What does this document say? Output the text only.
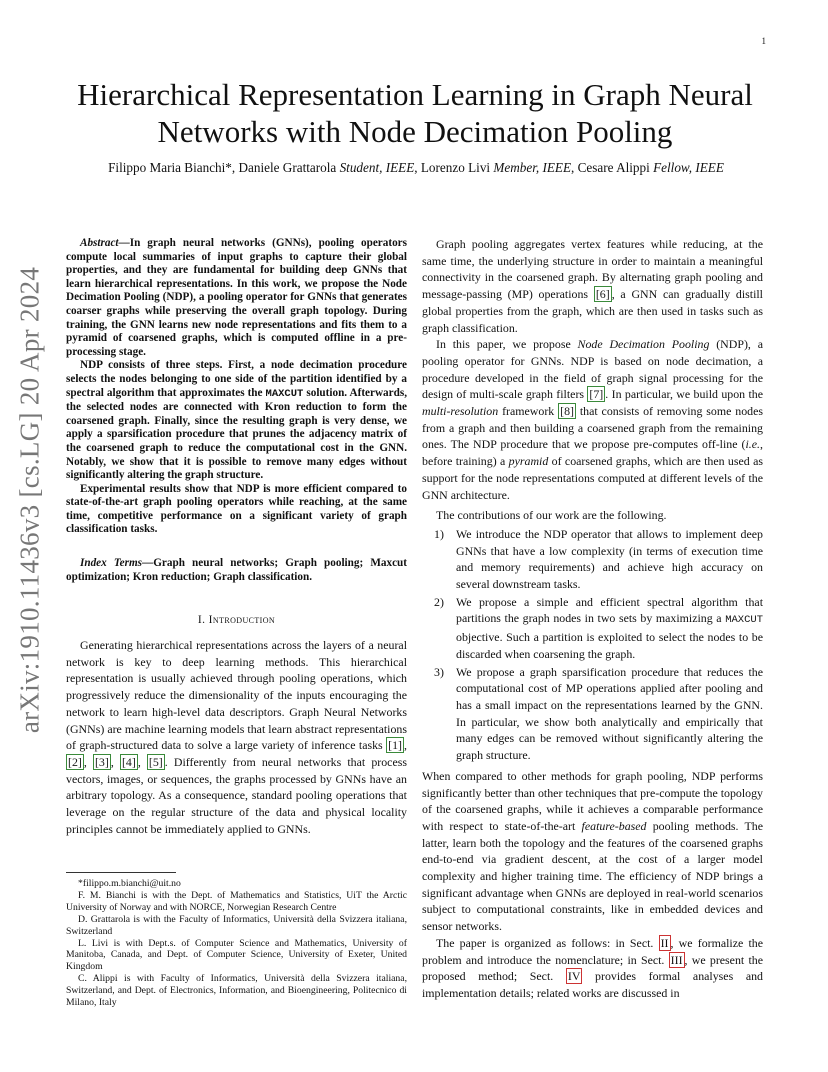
1
arXiv:1910.11436v3 [cs.LG] 20 Apr 2024
Hierarchical Representation Learning in Graph Neural Networks with Node Decimation Pooling
Filippo Maria Bianchi*, Daniele Grattarola Student, IEEE, Lorenzo Livi Member, IEEE, Cesare Alippi Fellow, IEEE

Abstract—In graph neural networks (GNNs), pooling operators compute local summaries of input graphs to capture their global properties, and they are fundamental for building deep GNNs that learn hierarchical representations. In this work, we propose the Node Decimation Pooling (NDP), a pooling operator for GNNs that generates coarser graphs while preserving the overall graph topology. During training, the GNN learns new node representations and fits them to a pyramid of coarsened graphs, which is computed offline in a pre-processing stage.

NDP consists of three steps. First, a node decimation procedure selects the nodes belonging to one side of the partition identified by a spectral algorithm that approximates the MAXCUT solution. Afterwards, the selected nodes are connected with Kron reduction to form the coarsened graph. Finally, since the resulting graph is very dense, we apply a sparsification procedure that prunes the adjacency matrix of the coarsened graph to reduce the computational cost in the GNN. Notably, we show that it is possible to remove many edges without significantly altering the graph structure.

Experimental results show that NDP is more efficient compared to state-of-the-art graph pooling operators while reaching, at the same time, competitive performance on a significant variety of graph classification tasks.

Index Terms—Graph neural networks; Graph pooling; Maxcut optimization; Kron reduction; Graph classification.
I. Introduction

Generating hierarchical representations across the layers of a neural network is key to deep learning methods. This hierarchical representation is usually achieved through pooling operations, which progressively reduce the dimensionality of the inputs encouraging the network to learn high-level data descriptors. Graph Neural Networks (GNNs) are machine learning models that learn abstract representations of graph-structured data to solve a large variety of inference tasks [1] , [2] , [3] , [4] , [5] . Differently from neural networks that process vectors, images, or sequences, the graphs processed by GNNs have an arbitrary topology. As a consequence, standard pooling operations that leverage on the regular structure of the data and physical locality principles cannot be immediately applied to GNNs.

*filippo.m.bianchi@uit.no

F. M. Bianchi is with the Dept. of Mathematics and Statistics, UiT the Arctic University of Norway and with NORCE, Norwegian Research Centre

D. Grattarola is with the Faculty of Informatics, Università della Svizzera italiana, Switzerland

L. Livi is with Dept.s. of Computer Science and Mathematics, University of Manitoba, Canada, and Dept. of Computer Science, University of Exeter, United Kingdom

C. Alippi is with Faculty of Informatics, Università della Svizzera italiana, Switzerland, and Dept. of Electronics, Information, and Bioengineering, Politecnico di Milano, Italy

Graph pooling aggregates vertex features while reducing, at the same time, the underlying structure in order to maintain a meaningful connectivity in the coarsened graph. By alternating graph pooling and message-passing (MP) operations [6] , a GNN can gradually distill global properties from the graph, which are then used in tasks such as graph classification.

In this paper, we propose Node Decimation Pooling (NDP), a pooling operator for GNNs. NDP is based on node decimation, a procedure developed in the field of graph signal processing for the design of multi-scale graph filters [7] . In particular, we build upon the multi-resolution framework [8] that consists of removing some nodes from a graph and then building a coarsened graph from the remaining ones. The NDP procedure that we propose pre-computes off-line (i.e., before training) a pyramid of coarsened graphs, which are then used as support for the node representations computed at different levels of the GNN architecture.

The contributions of our work are the following.

1) We introduce the NDP operator that allows to implement deep GNNs that have a low complexity (in terms of execution time and memory requirements) and achieve high accuracy on several downstream tasks.
2) We propose a simple and efficient spectral algorithm that partitions the graph nodes in two sets by maximizing a MAXCUT objective. Such a partition is exploited to select the nodes to be discarded when coarsening the graph.
3) We propose a graph sparsification procedure that reduces the computational cost of MP operations applied after pooling and has a small impact on the representations learned by the GNN. In particular, we show both analytically and empirically that many edges can be removed without significantly altering the graph structure.

When compared to other methods for graph pooling, NDP performs significantly better than other techniques that pre-compute the topology of the coarsened graphs, while it achieves a comparable performance with respect to state-of-the-art feature-based pooling methods. The latter, learn both the topology and the features of the coarsened graphs end-to-end via gradient descent, at the cost of a larger model complexity and higher training time. The efficiency of NDP brings a significant advantage when GNNs are deployed in real-world scenarios subject to computational constraints, like in embedded devices and sensor networks.

The paper is organized as follows: in Sect. II , we formalize the problem and introduce the nomenclature; in Sect. III , we present the proposed method; Sect. IV provides formal analyses and implementation details; related works are discussed in
